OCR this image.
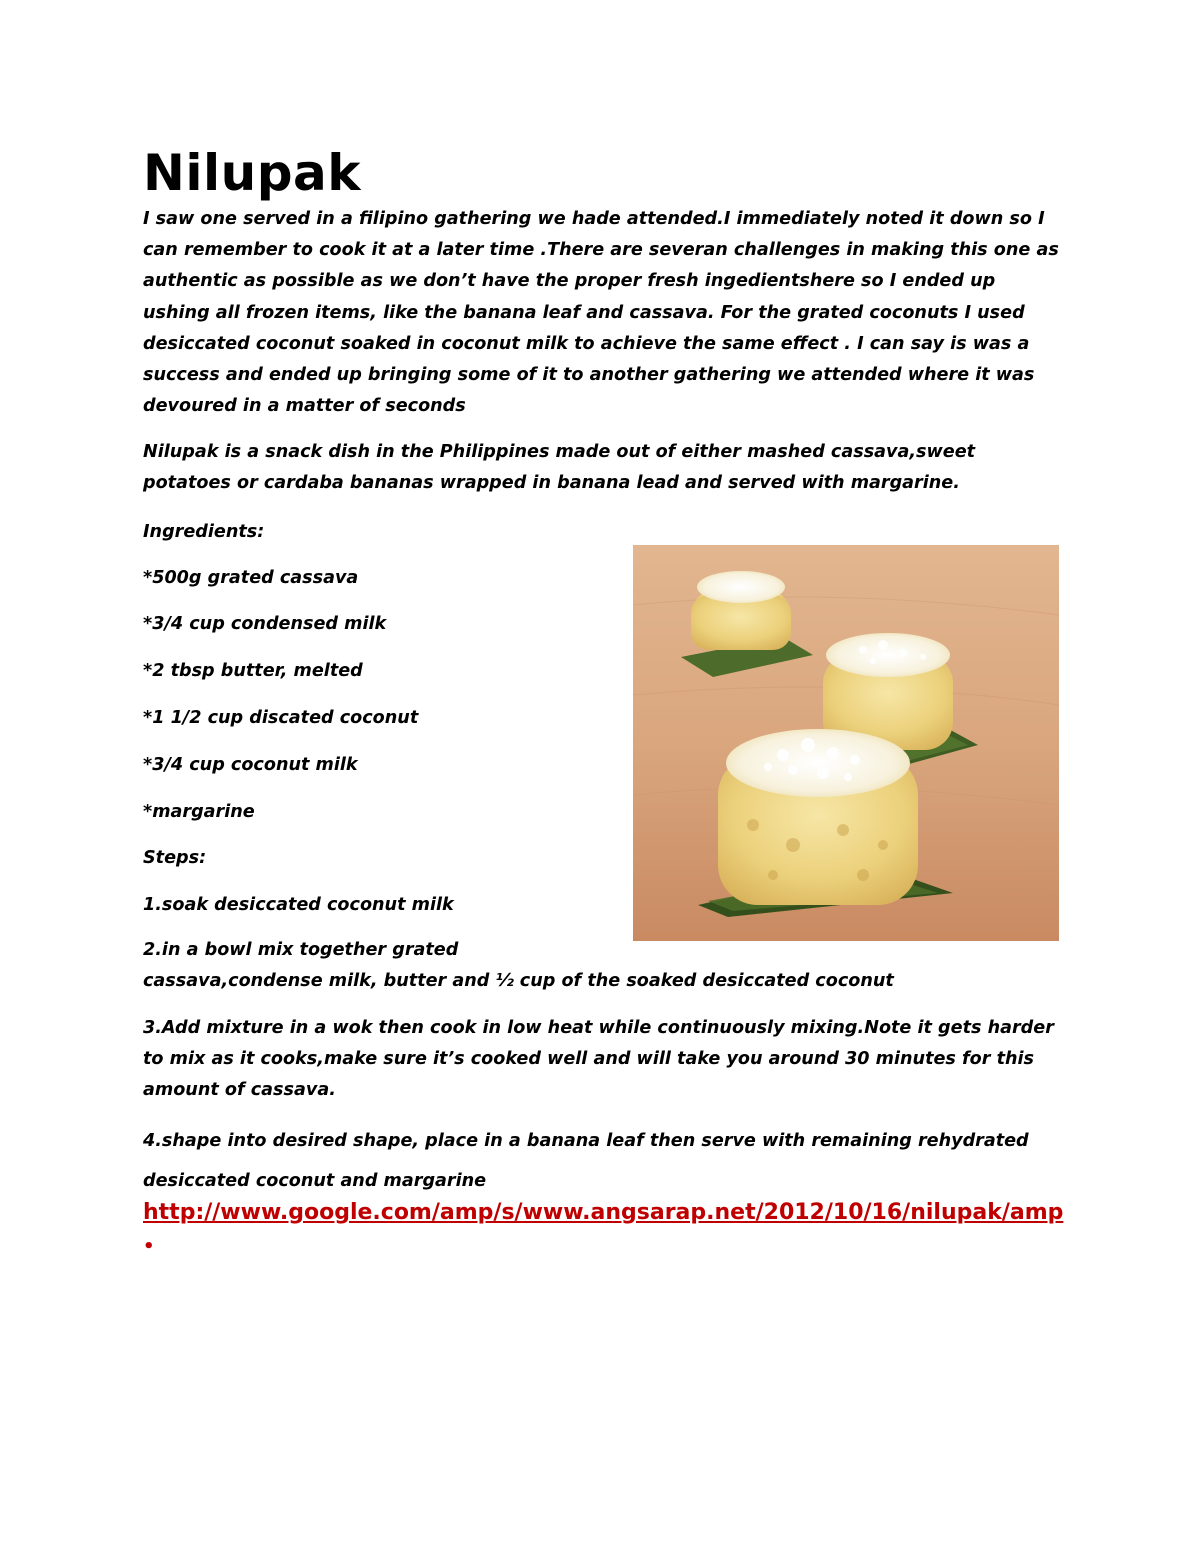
Nilupak

I saw one served in a filipino gathering we hade attended.I immediately noted it down so I can remember to cook it at a later time .There are severan challenges in making this one as authentic as possible as we don’t have the proper fresh ingedientshere so I ended up ushing all frozen items, like the banana leaf and cassava. For the grated coconuts I used desiccated coconut soaked in coconut milk to achieve the same effect . I can say is was a success and ended up bringing some of it to another gathering we attended where it was devoured in a matter of seconds

Nilupak is a snack dish in the Philippines made out of either mashed cassava,sweet potatoes or cardaba bananas wrapped in banana lead and served with margarine.

Ingredients:

*500g grated cassava

*3/4 cup condensed milk

*2 tbsp butter, melted

*1 1/2 cup discated coconut

*3/4 cup coconut milk

*margarine

Steps:

1.soak desiccated coconut milk

2.in a bowl mix together grated
cassava,condense milk, butter and ½ cup of the soaked desiccated coconut

3.Add mixture in a wok then cook in low heat while continuously mixing.Note it gets harder to mix as it cooks,make sure it’s cooked well and will take you around 30 minutes for this amount of cassava.

4.shape into desired shape, place in a banana leaf then serve with remaining rehydrated desiccated coconut and margarine

http://www.google.com/amp/s/www.angsarap.net/2012/10/16/nilupak/amp
•
